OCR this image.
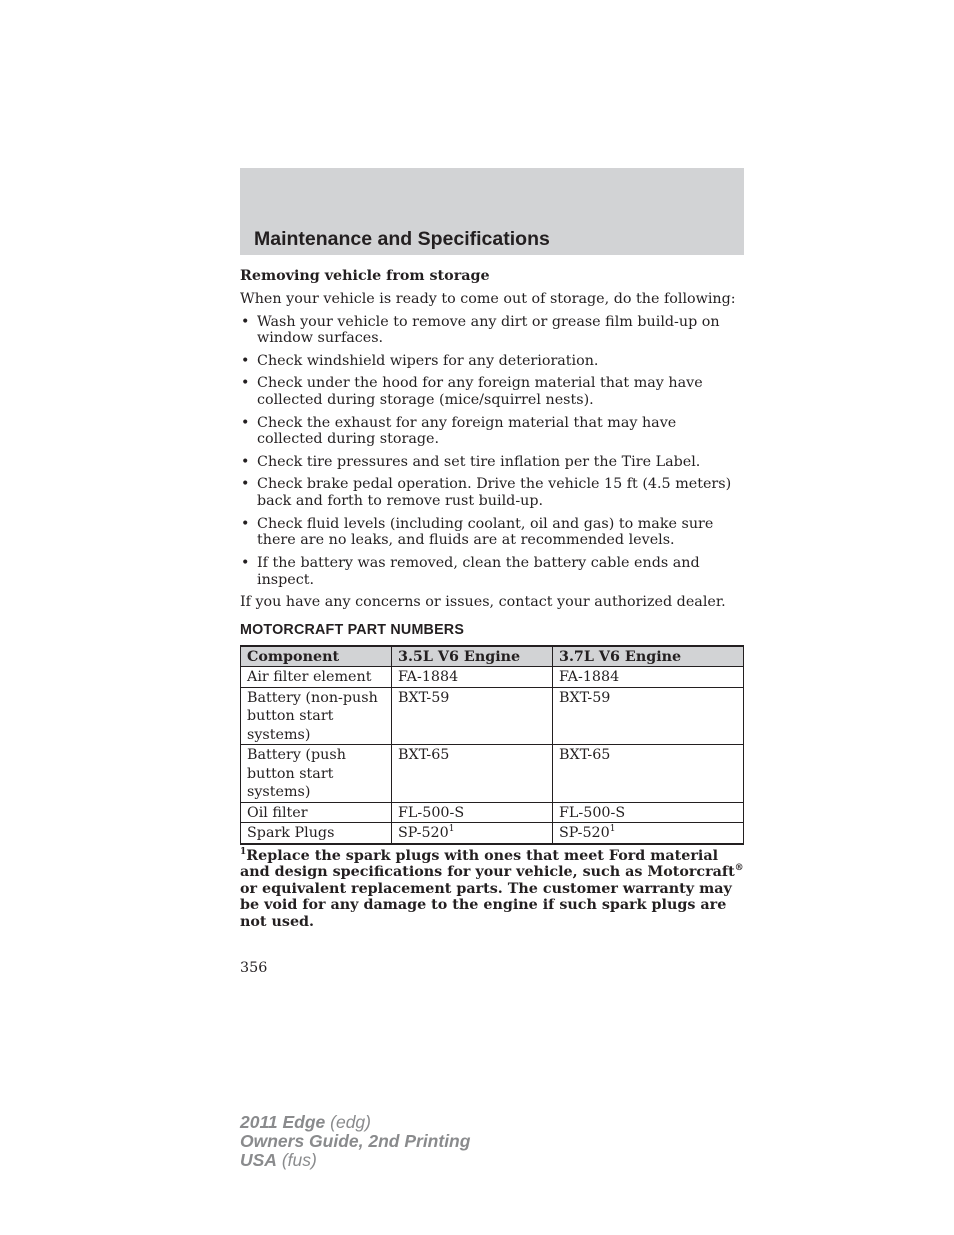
Maintenance and Specifications

Removing vehicle from storage

When your vehicle is ready to come out of storage, do the following:

• Wash your vehicle to remove any dirt or grease film build-up on window surfaces.
• Check windshield wipers for any deterioration.
• Check under the hood for any foreign material that may have collected during storage (mice/squirrel nests).
• Check the exhaust for any foreign material that may have collected during storage.
• Check tire pressures and set tire inflation per the Tire Label.
• Check brake pedal operation. Drive the vehicle 15 ft (4.5 meters) back and forth to remove rust build-up.
• Check fluid levels (including coolant, oil and gas) to make sure there are no leaks, and fluids are at recommended levels.
• If the battery was removed, clean the battery cable ends and inspect.

If you have any concerns or issues, contact your authorized dealer.

MOTORCRAFT PART NUMBERS
Component	3.5L V6 Engine	3.7L V6 Engine
Air filter element	FA-1884	FA-1884
Battery (non-push button start systems)	BXT-59	BXT-59
Battery (push button start systems)	BXT-65	BXT-65
Oil filter	FL-500-S	FL-500-S
Spark Plugs	$SP-520^1$	$SP-520^1$

$^1$Replace the spark plugs with ones that meet Ford material and design specifications for your vehicle, such as Motorcraft® or equivalent replacement parts. The customer warranty may be void for any damage to the engine if such spark plugs are not used.

356
2011 Edge (edg)
Owners Guide, 2nd Printing
USA (fus)
